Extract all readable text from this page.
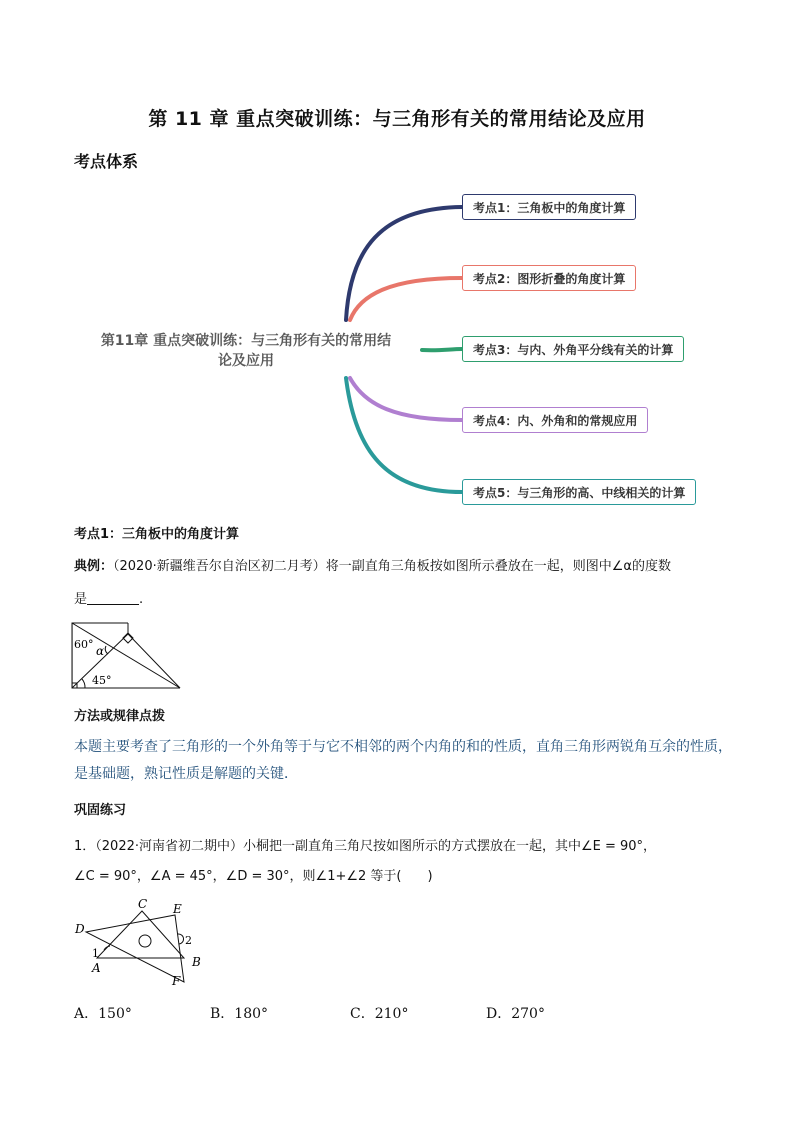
第 11 章 重点突破训练：与三角形有关的常用结论及应用
考点体系
第11章 重点突破训练：与三角形有关的常用结
论及应用
考点1：三角板中的角度计算
考点2：图形折叠的角度计算
考点3：与内、外角平分线有关的计算
考点4：内、外角和的常规应用
考点5：与三角形的高、中线相关的计算
考点1：三角板中的角度计算
典例：（2020·新疆维吾尔自治区初二月考）将一副直角三角板按如图所示叠放在一起，则图中∠α的度数
是	.
60° α
45°
方法或规律点拨
本题主要考查了三角形的一个外角等于与它不相邻的两个内角的和的性质，直角三角形两锐角互余的性质，
是基础题，熟记性质是解题的关键．
巩固练习
1．（2022·河南省初二期中）小桐把一副直角三角尺按如图所示的方式摆放在一起，其中∠E = 90°，
∠C = 90°，∠A = 45°，∠D = 30°，则∠1+∠2 等于(　　)
C E
D
1
2
A	B
F
A．150°	B．180°	C．210°	D．270°
